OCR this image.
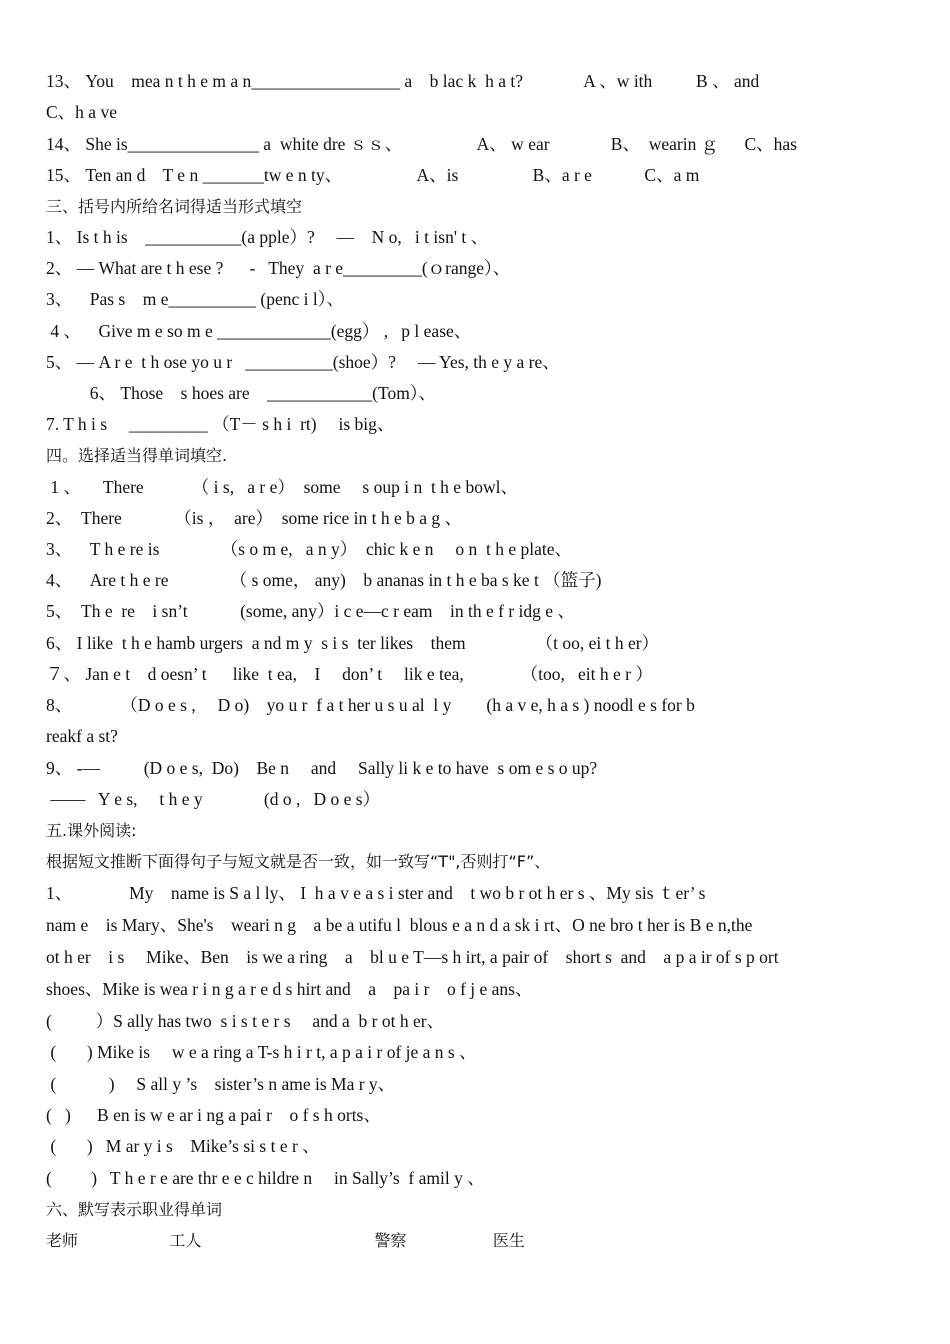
13、 You    mea n t h e m a n_________________ a    b lac k  h a t?              A 、w ith          B 、 and
C、h a ve
14、 She is_______________ a  white dre ｓｓ、                 A、 w ear              B、  wearin ｇ      C、has
15、 Ten an d    T e n _______tw e n ty、                 A、is                 B、a r e            C、a m
三、括号内所给名词得适当形式填空
1、 Is t h is    ___________(a pple）?     —    N o,   i t isn' t 、
2、 — What are t h ese ?      -   They  a r e_________(ｏrange）、
3、    Pas s    m e__________ (penc i l）、
4 、    Give m e so m e _____________(egg） ,   p l ease、
5、 — A r e  t h ose yo u r   __________(shoe）?     — Yes, th e y a re、
6、 Those    s hoes are    ____________(Tom）、
7. T h i s     _________ （T－ s h i  rt)     is big、
四。选择适当得单词填空.
1 、     There           （ i s,   a r e）  some     s oup i n  t h e bowl、
2、  There            （is ，  are）  some rice in t h e b a g 、
3、    T h e re is              （s o m e,   a n y）  chic k e n     o n  t h e plate、
4、    Are t h e re              （ s ome， any)    b ananas in t h e ba s ke t （篮子)
5、  Th e  re    i sn’t            (some, any）i c e—c r eam    in th e f r idg e 、
6、 I like  t h e hamb urgers  a nd m y  s i s  ter likes    them                （t oo, ei t h er）
７、 Jan e t    d oesn’ t      like  t ea,    I     don’ t     lik e tea,             （too,   eit h e r ）
8、           （D o e s ,     D o)    yo u r  f a t her u s u al  l y        (h a v e, h a s ) noodl e s for b
reakf a st?
9、 -—          (D o e s,  Do)    Be n     and     Sally li k e to have  s om e s o up?
——   Y e s,     t h e y              (d o ,   D o e s）
五.课外阅读:
根据短文推断下面得句子与短文就是否一致，如一致写“T",否则打“F”、
1、             My    name is S a l ly、 I  h a v e a s i ster and    t wo b r ot h er s 、My sis ｔer’ s
nam e    is Mary、She's    weari n g    a be a utifu l  blous e a n d a sk i rt、O ne bro t her is B e n,the
ot h er    i s     Mike、Ben    is we a ring    a    bl u e T—s h irt, a pair of    short s  and    a p a ir of s p ort
shoes、Mike is wea r i n g a r e d s hirt and    a    pa i r    o f j e ans、
(          ）S ally has two  s i s t e r s     and a  b r ot h er、
(       ) Mike is     w e a ring a T-s h i r t, a p a i r of je a n s 、
(            )     S all y ’s    sister’s n ame is Ma r y、
(   )      B en is w e ar i ng a pai r    o f s h orts、
(       )   M ar y i s    Mike’s si s t e r 、
(         )   T h e r e are thr e e c hildre n     in Sally’s  f amil y 、
六、默写表示职业得单词
老师                  工人                                  警察                 医生
